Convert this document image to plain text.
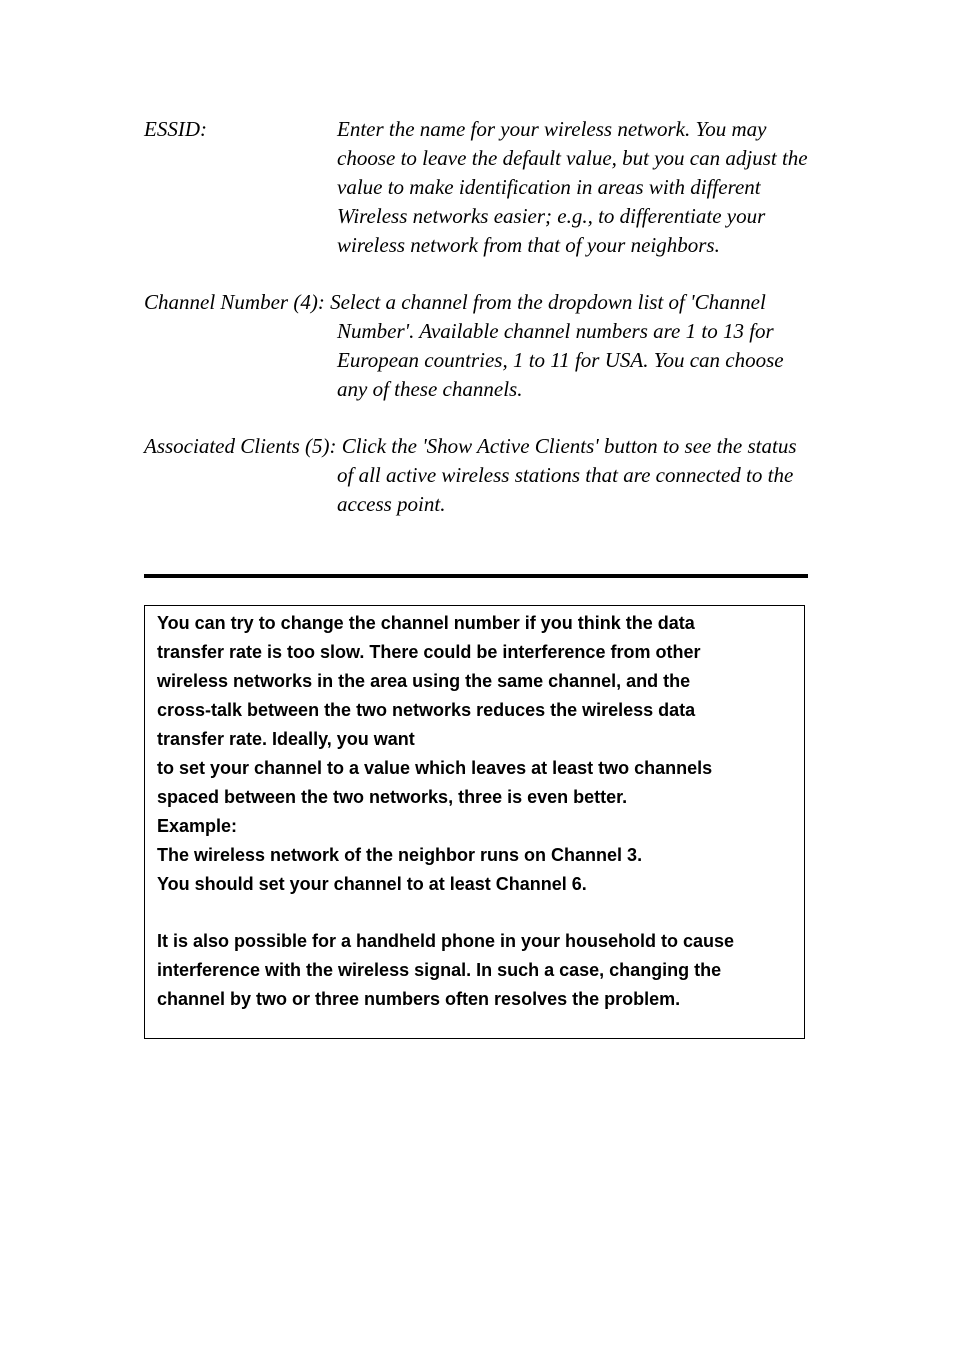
ESSID:	Enter the name for your wireless network. You may choose to leave the default value, but you can adjust the value to make identification in areas with different Wireless networks easier; e.g., to differentiate your wireless network from that of your neighbors.
Channel Number (4): Select a channel from the dropdown list of 'Channel Number'. Available channel numbers are 1 to 13 for European countries, 1 to 11 for USA. You can choose any of these channels.
Associated Clients (5): Click the 'Show Active Clients' button to see the status of all active wireless stations that are connected to the access point.
You can try to change the channel number if you think the data
transfer rate is too slow. There could be interference from other
wireless networks in the area using the same channel, and the
cross-talk between the two networks reduces the wireless data
transfer rate. Ideally, you want
to set your channel to a value which leaves at least two channels
spaced between the two networks, three is even better.
Example:
The wireless network of the neighbor runs on Channel 3.
You should set your channel to at least Channel 6.
It is also possible for a handheld phone in your household to cause
interference with the wireless signal. In such a case, changing the
channel by two or three numbers often resolves the problem.
